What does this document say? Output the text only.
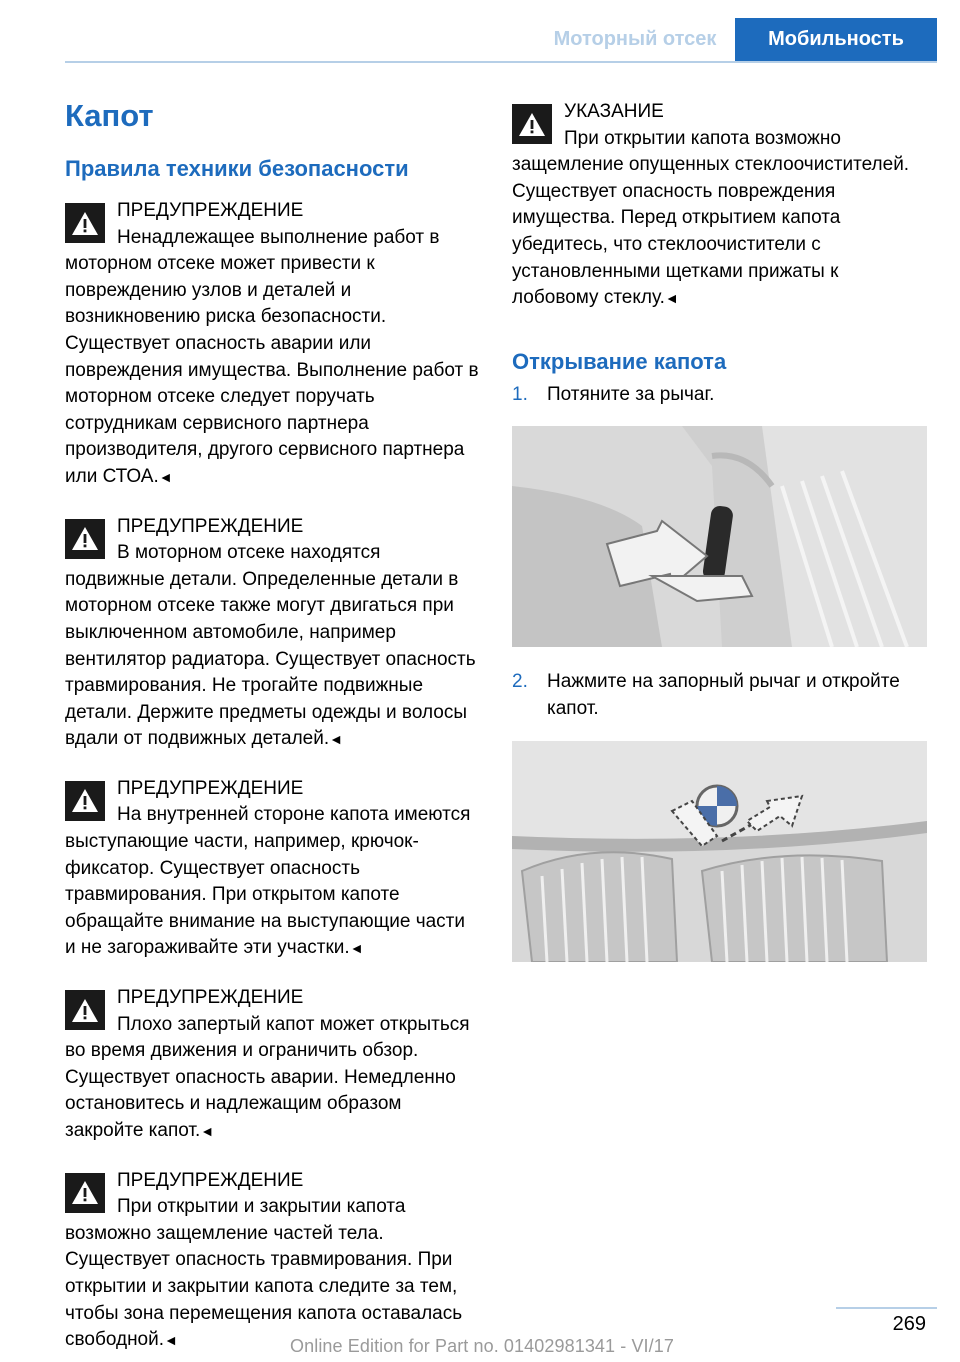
Моторный отсек	Мобильность
Капот
Правила техники безопасности
ПРЕДУПРЕЖДЕНИЕ
Ненадлежащее выполнение работ в моторном отсеке может привести к повреждению узлов и деталей и возникновению риска безопасности. Существует опасность аварии или повреждения имущества. Выполнение работ в моторном отсеке следует поручать сотрудникам сервисного партнера производителя, другого сервисного партнера или СТОА.◄
ПРЕДУПРЕЖДЕНИЕ
В моторном отсеке находятся подвижные детали. Определенные детали в моторном отсеке также могут двигаться при выключенном автомобиле, например вентилятор радиатора. Существует опасность травмирования. Не трогайте подвижные детали. Держите предметы одежды и волосы вдали от подвижных деталей.◄
ПРЕДУПРЕЖДЕНИЕ
На внутренней стороне капота имеются выступающие части, например, крючок-фиксатор. Существует опасность травмирования. При открытом капоте обращайте внимание на выступающие части и не загораживайте эти участки.◄
ПРЕДУПРЕЖДЕНИЕ
Плохо запертый капот может открыться во время движения и ограничить обзор. Существует опасность аварии. Немедленно остановитесь и надлежащим образом закройте капот.◄
ПРЕДУПРЕЖДЕНИЕ
При открытии и закрытии капота возможно защемление частей тела. Существует опасность травмирования. При открытии и закрытии капота следите за тем, чтобы зона перемещения капота оставалась свободной.◄
УКАЗАНИЕ
При открытии капота возможно защемление опущенных стеклоочистителей. Существует опасность повреждения имущества. Перед открытием капота убедитесь, что стеклоочистители с установленными щетками прижаты к лобовому стеклу.◄
Открывание капота
1. Потяните за рычаг.
2. Нажмите на запорный рычаг и откройте капот.
269
Online Edition for Part no. 01402981341 - VI/17
